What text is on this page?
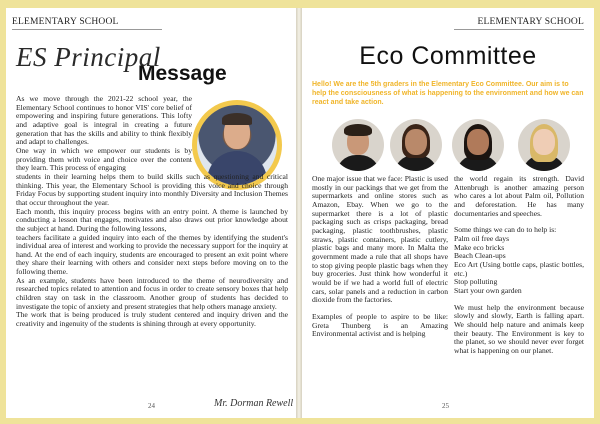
ELEMENTARY SCHOOL
ES Principal
Message

As we move through the 2021-22 school year, the Elementary School continues to honor VIS' core belief of empowering and inspiring future generations. This lofty and adaptive goal is integral in creating a future generation that has the skills and ability to think flexibly and adapt to challenges.

One way in which we empower our students is by providing them with voice and choice over the content they learn. This process of engaging

students in their learning helps them to build skills such as questioning and critical thinking. This year, the Elementary School is providing this voice and choice through Friday Focus by supporting student inquiry into monthly Diversity and Inclusion Themes that occur throughout the year.

Each month, this inquiry process begins with an entry point. A theme is launched by conducting a lesson that engages, motivates and also draws out prior knowledge about the subject at hand. During the following lessons,

teachers facilitate a guided inquiry into each of the themes by identifying the student's individual area of interest and working to provide the necessary support for the inquiry at hand. At the end of each inquiry, students are encouraged to present an exit point where they share their learning with others and consider next steps before moving on to the following theme.

As an example, students have been introduced to the theme of neurodiversity and researched topics related to attention and focus in order to create sensory boxes that help children stay on task in the classroom. Another group of students has decided to investigate the topic of anxiety and present strategies that help others manage anxiety.

The work that is being produced is truly student centered and inquiry driven and the creativity and ingenuity of the students is shining through at every opportunity.

Mr. Dorman Rewell
24
ELEMENTARY SCHOOL
Eco Committee
Hello! We are the 5th graders in the Elementary Eco Committee. Our aim is to help the consciousness of what is happening to the environment and how we can react and take action.

One major issue that we face: Plastic is used mostly in our packings that we get from the supermarkets and online stores such as Amazon, Ebay. When we go to the supermarket there is a lot of plastic packaging such as crisps packaging, bread packaging, plastic toothbrushes, plastic straws, plastic containers, plastic cutlery, plastic bags and many more. In Malta the government made a rule that all shops have to stop giving people plastic bags when they buy groceries. Just think how wonderful it would be if we had a world full of electric cars, solar panels and a reduction in carbon dioxide from the factories.

Examples of people to aspire to be like: Greta Thunberg is an Amazing Environmental activist and is helping

the world regain its strength. David Attenbrugh is another amazing person who cares a lot about Palm oil, Pollution and deforestation. He has many documentaries and speeches.

Some things we can do to help is:

Palm oil free days

Make eco bricks

Beach Clean-ups

Eco Art (Using bottle caps, plastic bottles, etc.)

Stop polluting

Start your own garden

We must help the environment because slowly and slowly, Earth is falling apart. We should help nature and animals keep their beauty. The Environment is key to the planet, so we should never ever forget what is happening on our planet.

25
